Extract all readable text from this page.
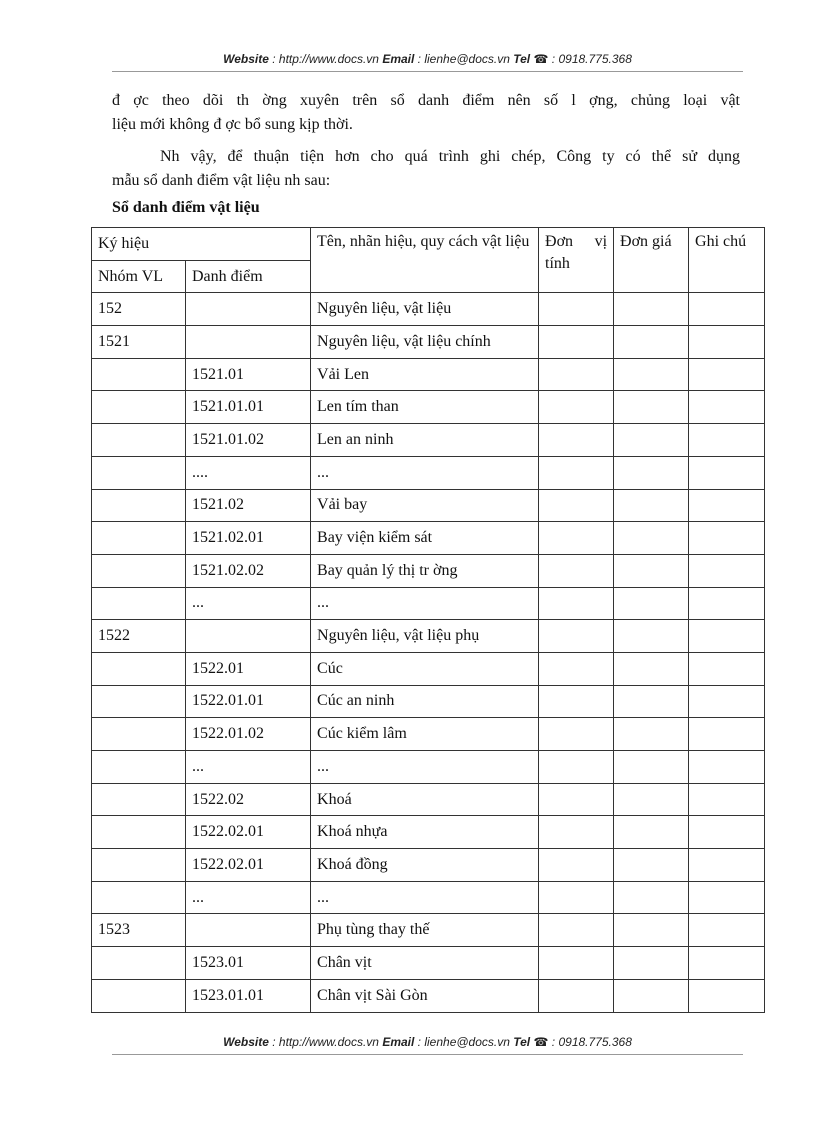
Website : http://www.docs.vn Email : lienhe@docs.vn Tel ☎ : 0918.775.368

đ ợc theo dõi th ờng xuyên trên sổ danh điểm nên số l ợng, chủng loại vật

liệu mới không đ ợc bổ sung kịp thời.

Nh vậy, để thuận tiện hơn cho quá trình ghi chép, Công ty có thể sử dụng

mẫu sổ danh điểm vật liệu nh sau:

Sổ danh điểm vật liệu
Ký hiệu		Tên, nhãn hiệu, quy cách vật liệu	Đơn vị tính	Đơn giá	Ghi chú
Nhóm VL	Danh điểm				
152		Nguyên liệu, vật liệu			
1521		Nguyên liệu, vật liệu chính			
	1521.01	Vải Len			
	1521.01.01	Len tím than			
	1521.01.02	Len an ninh			
	....	...			
	1521.02	Vải bay			
	1521.02.01	Bay viện kiểm sát			
	1521.02.02	Bay quản lý thị tr ờng			
	...	...			
1522		Nguyên liệu, vật liệu phụ			
	1522.01	Cúc			
	1522.01.01	Cúc an ninh			
	1522.01.02	Cúc kiểm lâm			
	...	...			
	1522.02	Khoá			
	1522.02.01	Khoá nhựa			
	1522.02.01	Khoá đồng			
	...	...			
1523		Phụ tùng thay thế			
	1523.01	Chân vịt			
	1523.01.01	Chân vịt Sài Gòn			
Website : http://www.docs.vn Email : lienhe@docs.vn Tel ☎ : 0918.775.368
